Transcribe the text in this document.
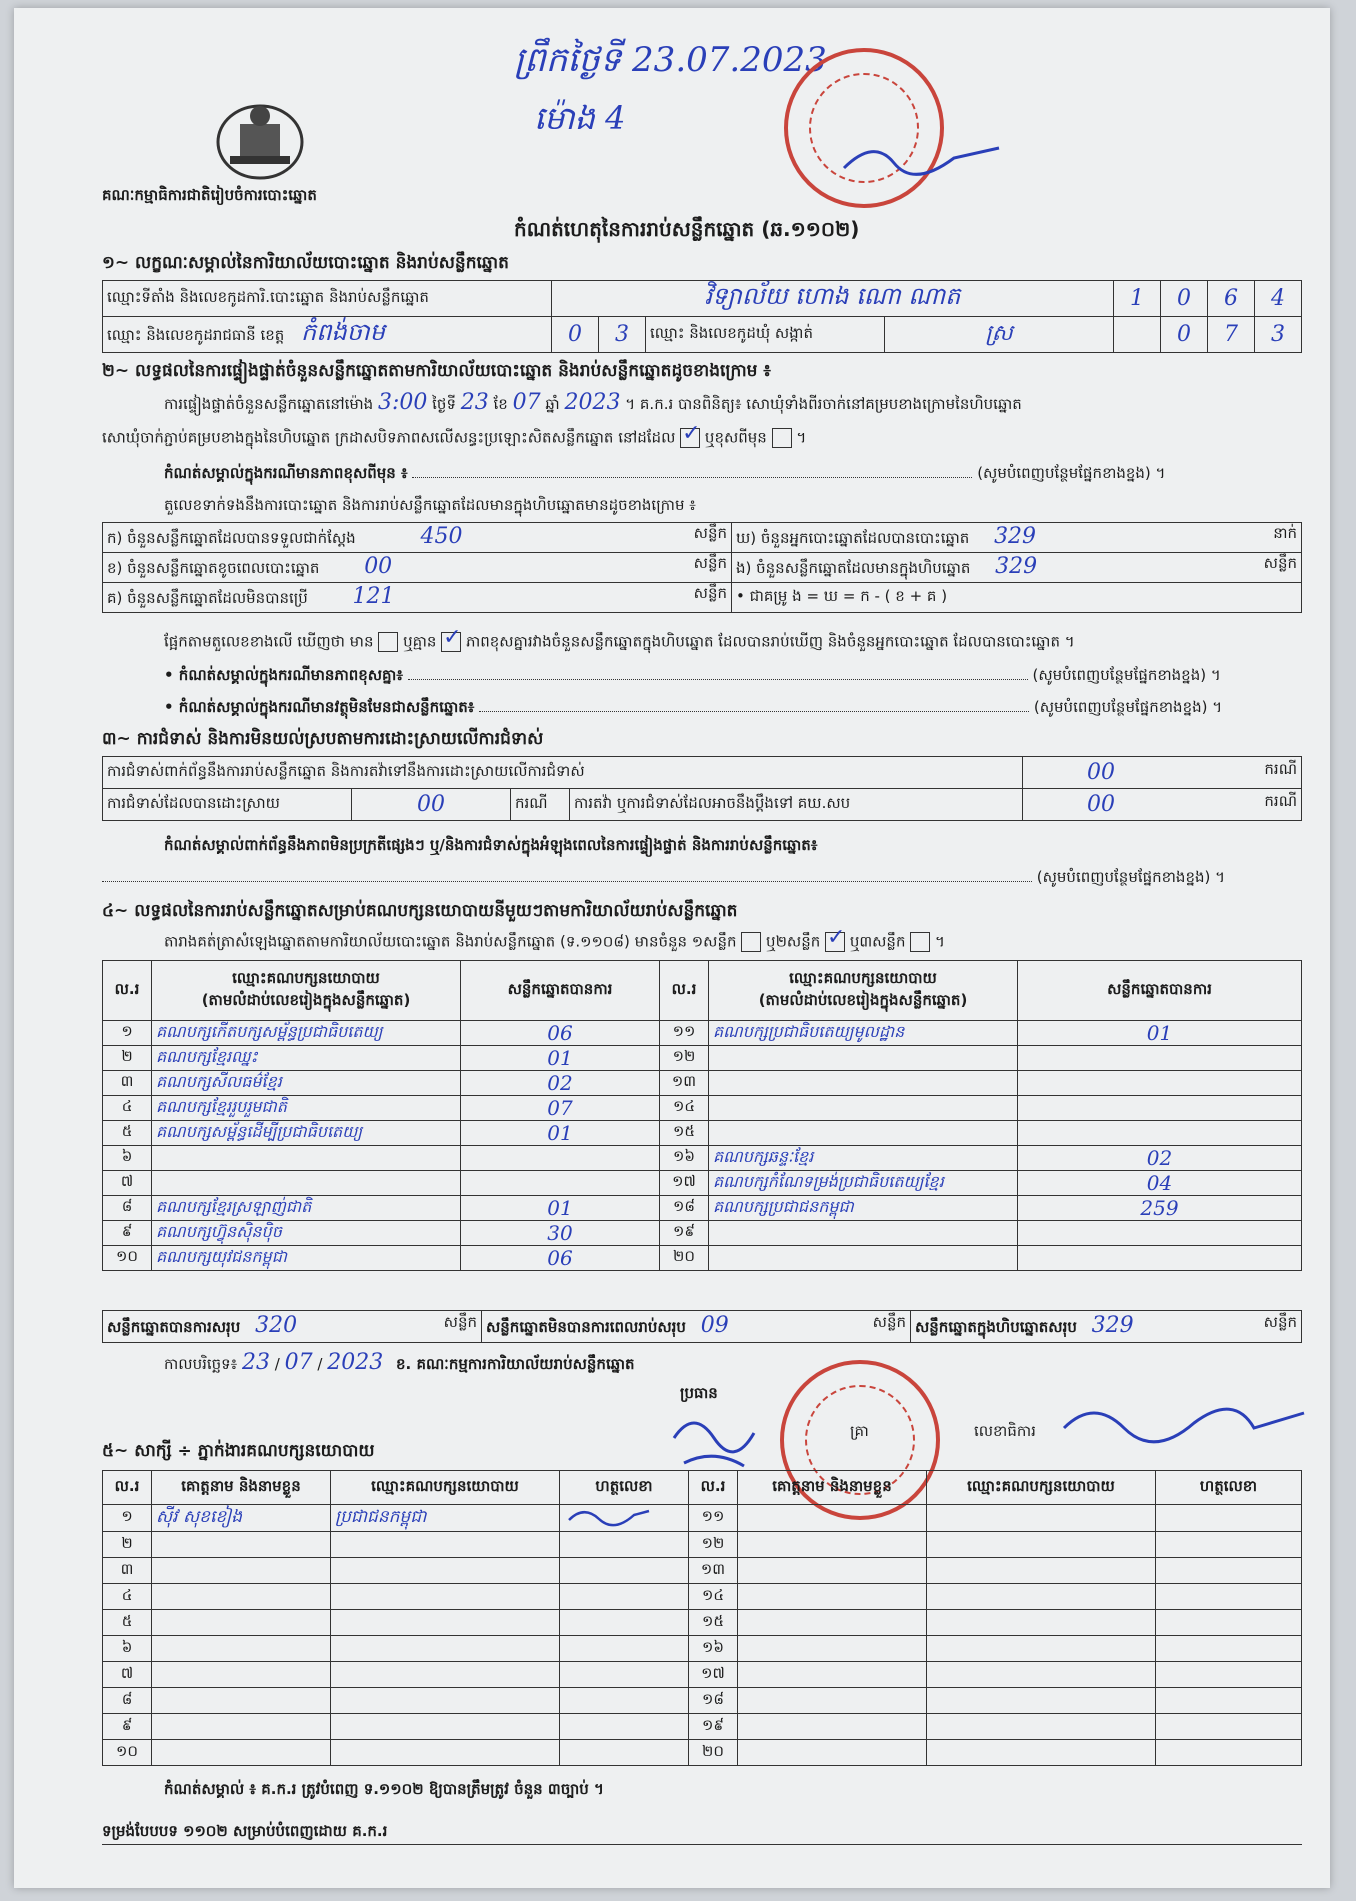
ព្រឹកថ្ងៃទី 23.07.2023
ម៉ោង 4
គណៈកម្មាធិការជាតិរៀបចំការបោះឆ្នោត
កំណត់ហេតុនៃការរាប់សន្លឹកឆ្នោត (ឆ.១១០២)
១~ លក្ខណៈសម្គាល់នៃការិយាល័យបោះឆ្នោត និងរាប់សន្លឹកឆ្នោត
ឈ្មោះទីតាំង និងលេខកូដការិ.បោះឆ្នោត និងរាប់សន្លឹកឆ្នោត	វិទ្យាល័យ ហោង ណោ ណាត				1	0	6	4
ឈ្មោះ និងលេខកូដរាជធានី ខេត្ត កំពង់ចាម	0	3	ឈ្មោះ និងលេខកូដឃុំ សង្កាត់	ស្រ		0	7	3
២~ លទ្ធផលនៃការផ្ទៀងផ្ទាត់ចំនួនសន្លឹកឆ្នោតតាមការិយាល័យបោះឆ្នោត និងរាប់សន្លឹកឆ្នោតដូចខាងក្រោម ៖
ការផ្ទៀងផ្ទាត់ចំនួនសន្លឹកឆ្នោតនៅម៉ោង 3:00 ថ្ងៃទី 23 ខែ 07 ឆ្នាំ 2023 ។ គ.ក.រ បានពិនិត្យ៖ សោឃុំទាំងពីរចាក់នៅគម្របខាងក្រោមនៃហិបឆ្នោត
សោឃុំចាក់ភ្ជាប់គម្របខាងក្នុងនៃហិបឆ្នោត ក្រដាសបិទភាពសលើសន្ធះប្រឡោះសិតសន្លឹកឆ្នោត នៅដដែល ✓ ឬខុសពីមុន  ។
កំណត់សម្គាល់ក្នុងករណីមានភាពខុសពីមុន ៖	(សូមបំពេញបន្ថែមផ្នែកខាងខ្នង) ។
តួលេខទាក់ទងនឹងការបោះឆ្នោត និងការរាប់សន្លឹកឆ្នោតដែលមានក្នុងហិបឆ្នោតមានដូចខាងក្រោម ៖
ក) ចំនួនសន្លឹកឆ្នោតដែលបានទទួលជាក់ស្ដែង 450 សន្លឹក	ឃ) ចំនួនអ្នកបោះឆ្នោតដែលបានបោះឆ្នោត 329 នាក់

ខ) ចំនួនសន្លឹកឆ្នោតខូចពេលបោះឆ្នោត 00 សន្លឹក	ង) ចំនួនសន្លឹកឆ្នោតដែលមានក្នុងហិបឆ្នោត 329 សន្លឹក

គ) ចំនួនសន្លឹកឆ្នោតដែលមិនបានប្រើ 121 សន្លឹក	• ជាគម្រូ ង = ឃ = ក - ( ខ + គ )
ផ្អែកតាមតួលេខខាងលើ ឃើញថា មាន ឬគ្មាន ✓ ភាពខុសគ្នារវាងចំនួនសន្លឹកឆ្នោតក្នុងហិបឆ្នោត ដែលបានរាប់ឃើញ និងចំនួនអ្នកបោះឆ្នោត ដែលបានបោះឆ្នោត ។
• កំណត់សម្គាល់ក្នុងករណីមានភាពខុសគ្នា៖	(សូមបំពេញបន្ថែមផ្នែកខាងខ្នង) ។
• កំណត់សម្គាល់ក្នុងករណីមានវត្ថុមិនមែនជាសន្លឹកឆ្នោត៖	(សូមបំពេញបន្ថែមផ្នែកខាងខ្នង) ។
៣~ ការជំទាស់ និងការមិនយល់ស្របតាមការដោះស្រាយលើការជំទាស់
ការជំទាស់ពាក់ព័ន្ធនឹងការរាប់សន្លឹកឆ្នោត និងការតវ៉ាទៅនឹងការដោះស្រាយលើការជំទាស់				00 ករណី

ការជំទាស់ដែលបានដោះស្រាយ	00	ករណី	ការតវ៉ា ឬការជំទាស់ដែលអាចនឹងប្ដឹងទៅ គឃ.សប	00 ករណី
កំណត់សម្គាល់ពាក់ព័ន្ធនឹងភាពមិនប្រក្រតីផ្សេងៗ ឬ/និងការជំទាស់ក្នុងអំឡុងពេលនៃការផ្ទៀងផ្ទាត់ និងការរាប់សន្លឹកឆ្នោត៖
(សូមបំពេញបន្ថែមផ្នែកខាងខ្នង) ។
៤~ លទ្ធផលនៃការរាប់សន្លឹកឆ្នោតសម្រាប់គណបក្សនយោបាយនីមួយៗតាមការិយាល័យរាប់សន្លឹកឆ្នោត
តារាងគត់ត្រាសំឡេងឆ្នោតតាមការិយាល័យបោះឆ្នោត និងរាប់សន្លឹកឆ្នោត (ទ.១១០៨) មានចំនួន ១សន្លឹក ឬ២សន្លឹក ✓ ឬ៣សន្លឹក  ។
ល.រ	ឈ្មោះគណបក្សនយោបាយ
(តាមលំដាប់លេខរៀងក្នុងសន្លឹកឆ្នោត)	សន្លឹកឆ្នោតបានការ	ល.រ	ឈ្មោះគណបក្សនយោបាយ
(តាមលំដាប់លេខរៀងក្នុងសន្លឹកឆ្នោត)	សន្លឹកឆ្នោតបានការ
១	គណបក្សកើតបក្សសម្ព័ន្ធប្រជាធិបតេយ្យ	06	១១	គណបក្សប្រជាធិបតេយ្យមូលដ្ឋាន	01
២	គណបក្សខ្មែរឈ្នះ	01	១២		
៣	គណបក្សសីលធម៌ខ្មែរ	02	១៣		
៤	គណបក្សខ្មែររួបរួមជាតិ	07	១៤		
៥	គណបក្សសម្ព័ន្ធដើម្បីប្រជាធិបតេយ្យ	01	១៥		
៦			១៦	គណបក្សឆន្ទៈខ្មែរ	02
៧			១៧	គណបក្សកំណែទម្រង់ប្រជាធិបតេយ្យខ្មែរ	04
៨	គណបក្សខ្មែរស្រឡាញ់ជាតិ	01	១៨	គណបក្សប្រជាជនកម្ពុជា	259
៩	គណបក្សហ៊្វុនស៊ិនប៉ិច	30	១៩		
១០	គណបក្សយុវជនកម្ពុជា	06	២០		
សន្លឹកឆ្នោតបានការសរុប 320	សន្លឹក	សន្លឹកឆ្នោតមិនបានការពេលរាប់សរុប 09	សន្លឹក	សន្លឹកឆ្នោតក្នុងហិបឆ្នោតសរុប 329	សន្លឹក
កាលបរិច្ឆេទ៖ 23 / 07 / 2023 ខ. គណៈកម្មការការិយាល័យរាប់សន្លឹកឆ្នោត
ប្រធាន
គ្រា	លេខាធិការ
៥~ សាក្សី ÷ ភ្នាក់ងារគណបក្សនយោបាយ
ល.រ	គោត្តនាម និងនាមខ្លួន	ឈ្មោះគណបក្សនយោបាយ	ហត្ថលេខា	ល.រ	គោត្តនាម និងនាមខ្លួន	ឈ្មោះគណបក្សនយោបាយ	ហត្ថលេខា
១	ស៊ីវ សុខខៀង	ប្រជាជនកម្ពុជា		១១			
២				១២			
៣				១៣			
៤				១៤			
៥				១៥			
៦				១៦			
៧				១៧			
៨				១៨			
៩				១៩			
១០				២០			
កំណត់សម្គាល់ ៖ គ.ក.រ ត្រូវបំពេញ ទ.១១០២ ឱ្យបានត្រឹមត្រូវ ចំនួន ៣ច្បាប់ ។
ទម្រង់បែបបទ ១១០២ សម្រាប់បំពេញដោយ គ.ក.រ
